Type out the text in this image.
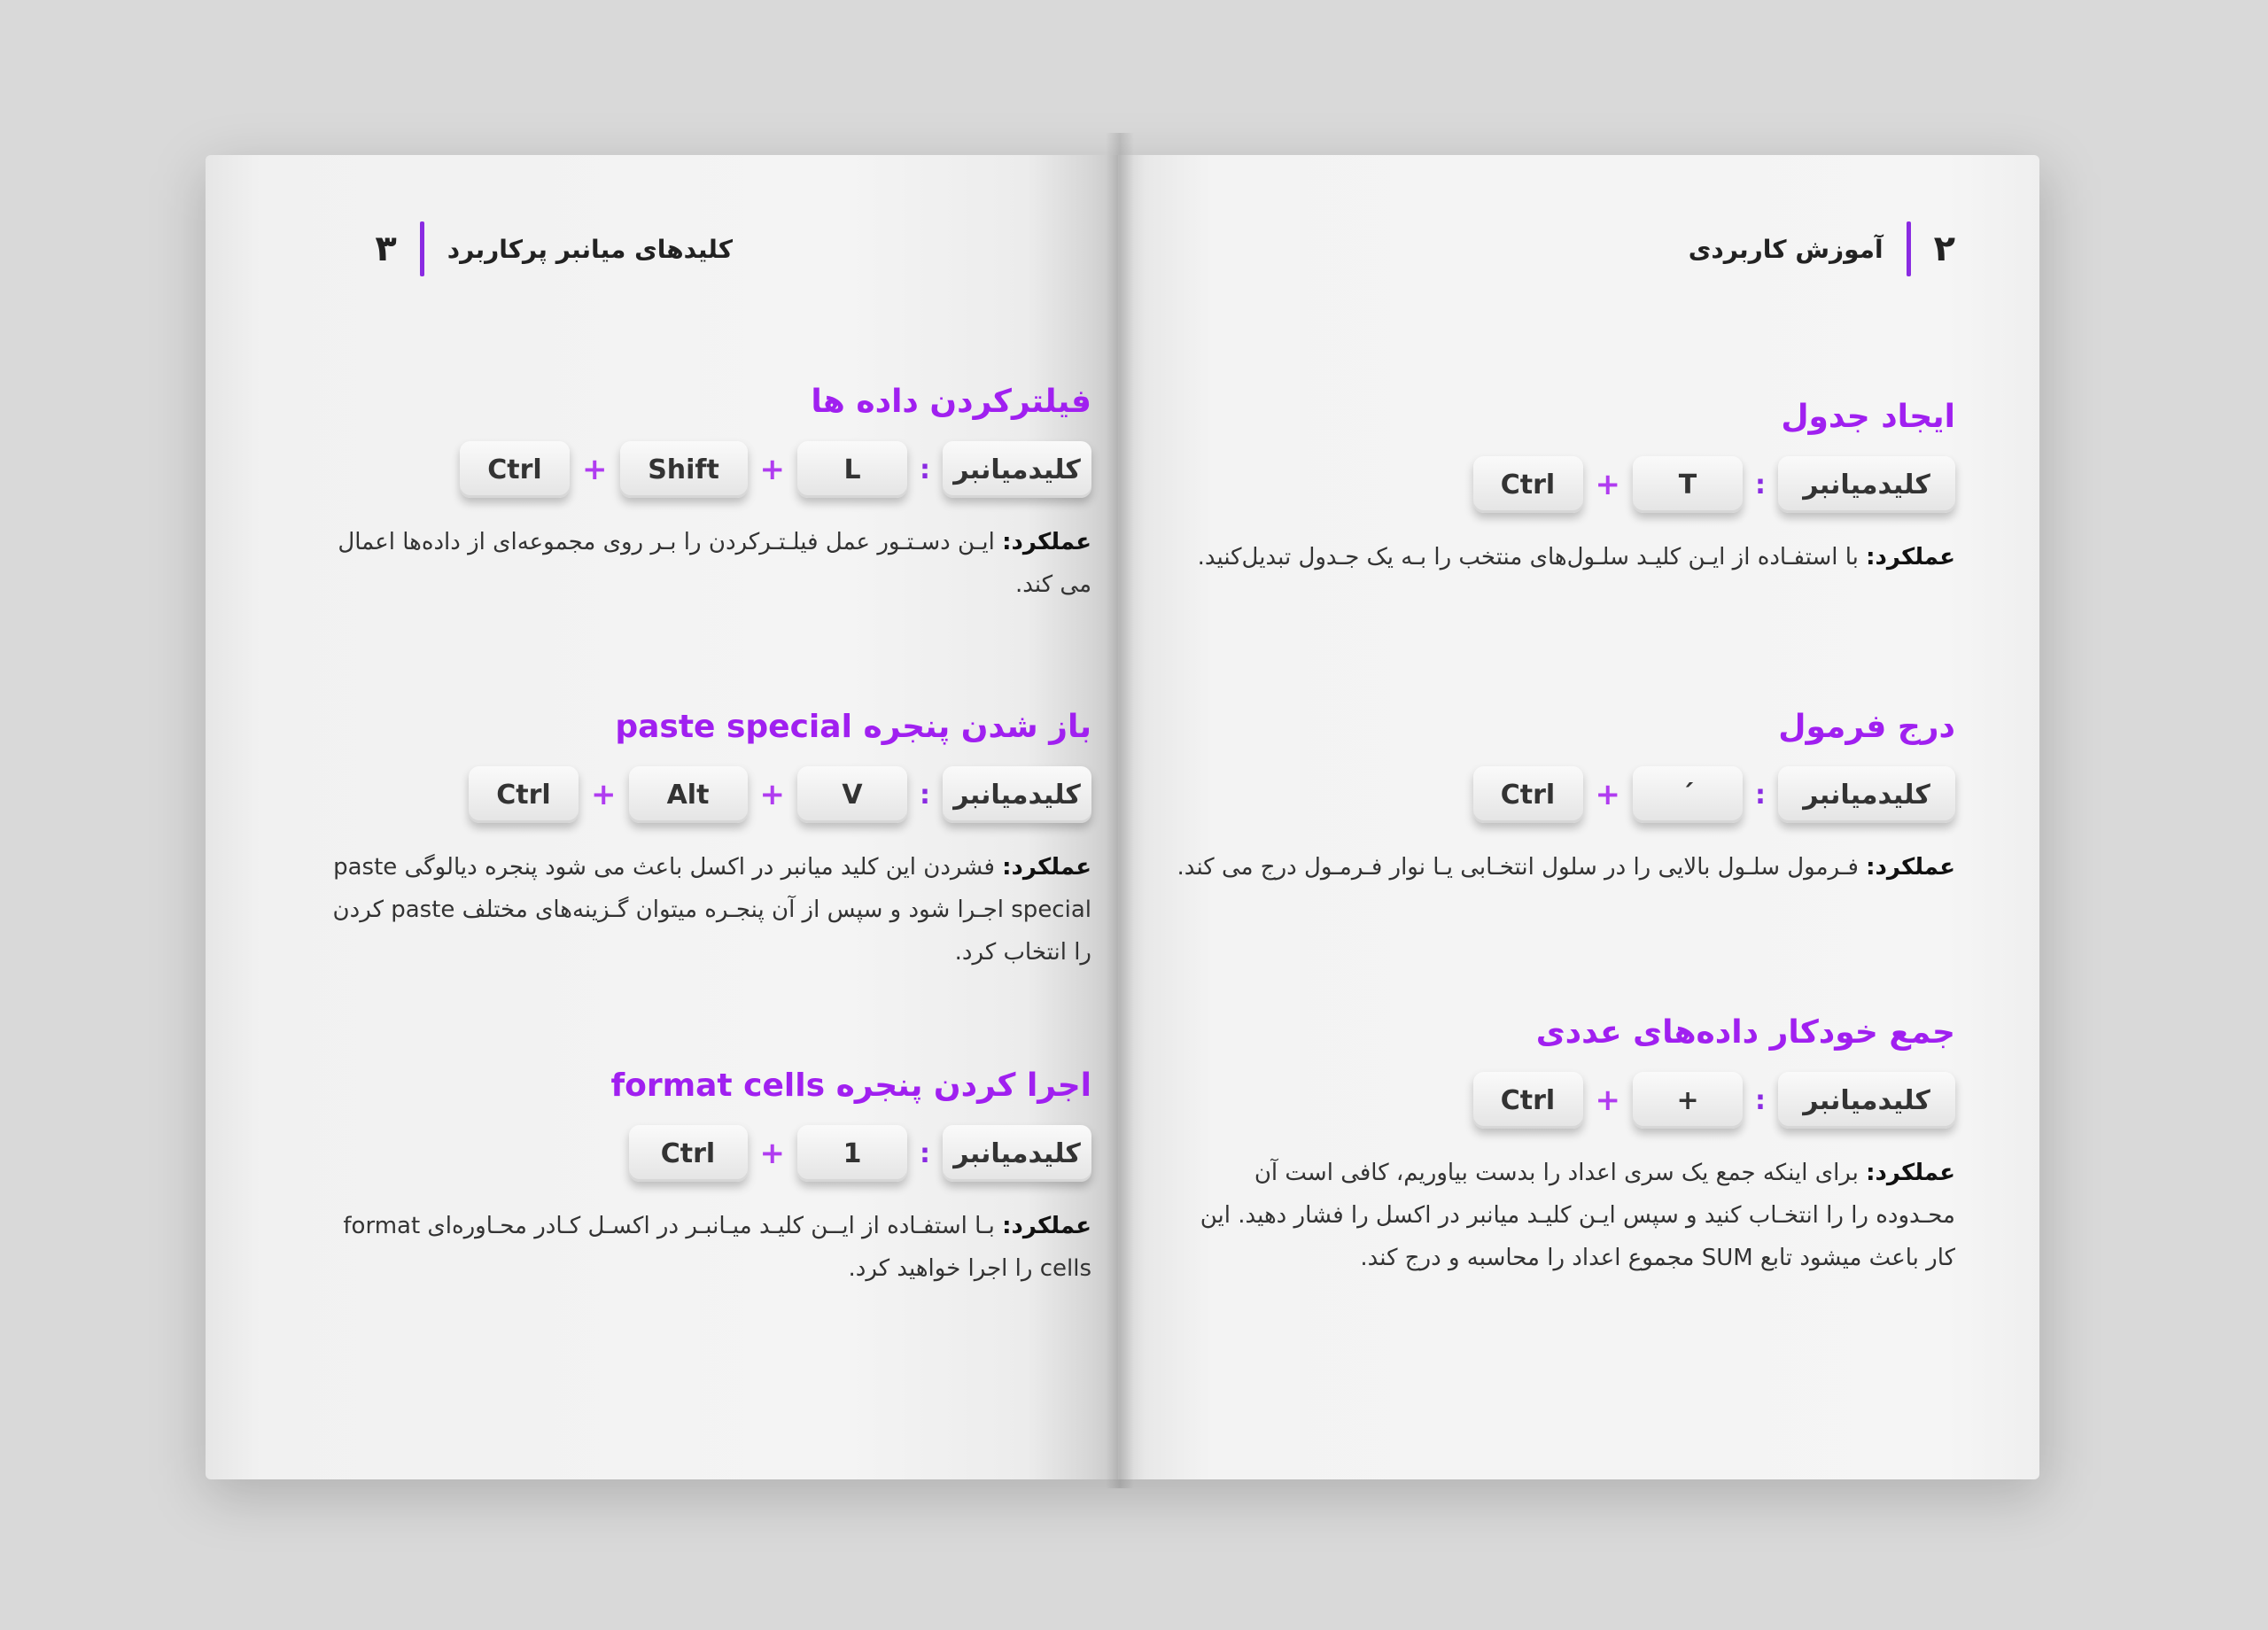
کلیدهای میانبر پرکاربرد
۳
فیلترکردن داده ها
کلیدمیانبر
:
L
+
Shift
+
Ctrl
عملکرد: ایـن دسـتـور عمل فیلـتـرکردن را بـر روی مجموعه‌ای از داده‌ها اعمال می کند.
باز شدن پنجره paste special
کلیدمیانبر
:
V
+
Alt
+
Ctrl
عملکرد: فشردن این کلید میانبر در اکسل باعث می شود پنجره دیالوگی paste special اجـرا شود و سپس از آن پنجـره میتوان گـزینه‌های مختلف paste کردن را انتخاب کرد.
اجرا کردن پنجره format cells
کلیدمیانبر
:
1
+
Ctrl
عملکرد: بـا استفـاده از ایــن کلیـد میـانبـر در اکسـل کـادر محـاوره‌ای format cells را اجرا خواهید کرد.
۲
آموزش کاربردی
ایجاد جدول
کلیدمیانبر
:
T
+
Ctrl
عملکرد: با استفـاده از ایـن کلیـد سلـول‌های منتخب را بـه یک جـدول تبدیل‌کنید.
درج فرمول
کلیدمیانبر
:
´
+
Ctrl
عملکرد: فـرمول سلـول بالایی را در سلول انتخـابی یـا نوار فـرمـول درج می کند.
جمع خودکار داده‌های عددی
کلیدمیانبر
:
+
+
Ctrl
عملکرد: برای اینکه جمع یک سری اعداد را بدست بیاوریم، کافی است آن محـدوده را را انتخـاب کنید و سپس ایـن کلیـد میانبر در اکسل را فشار دهید. این کار باعث میشود تابع SUM مجموع اعداد را محاسبه و درج کند.
